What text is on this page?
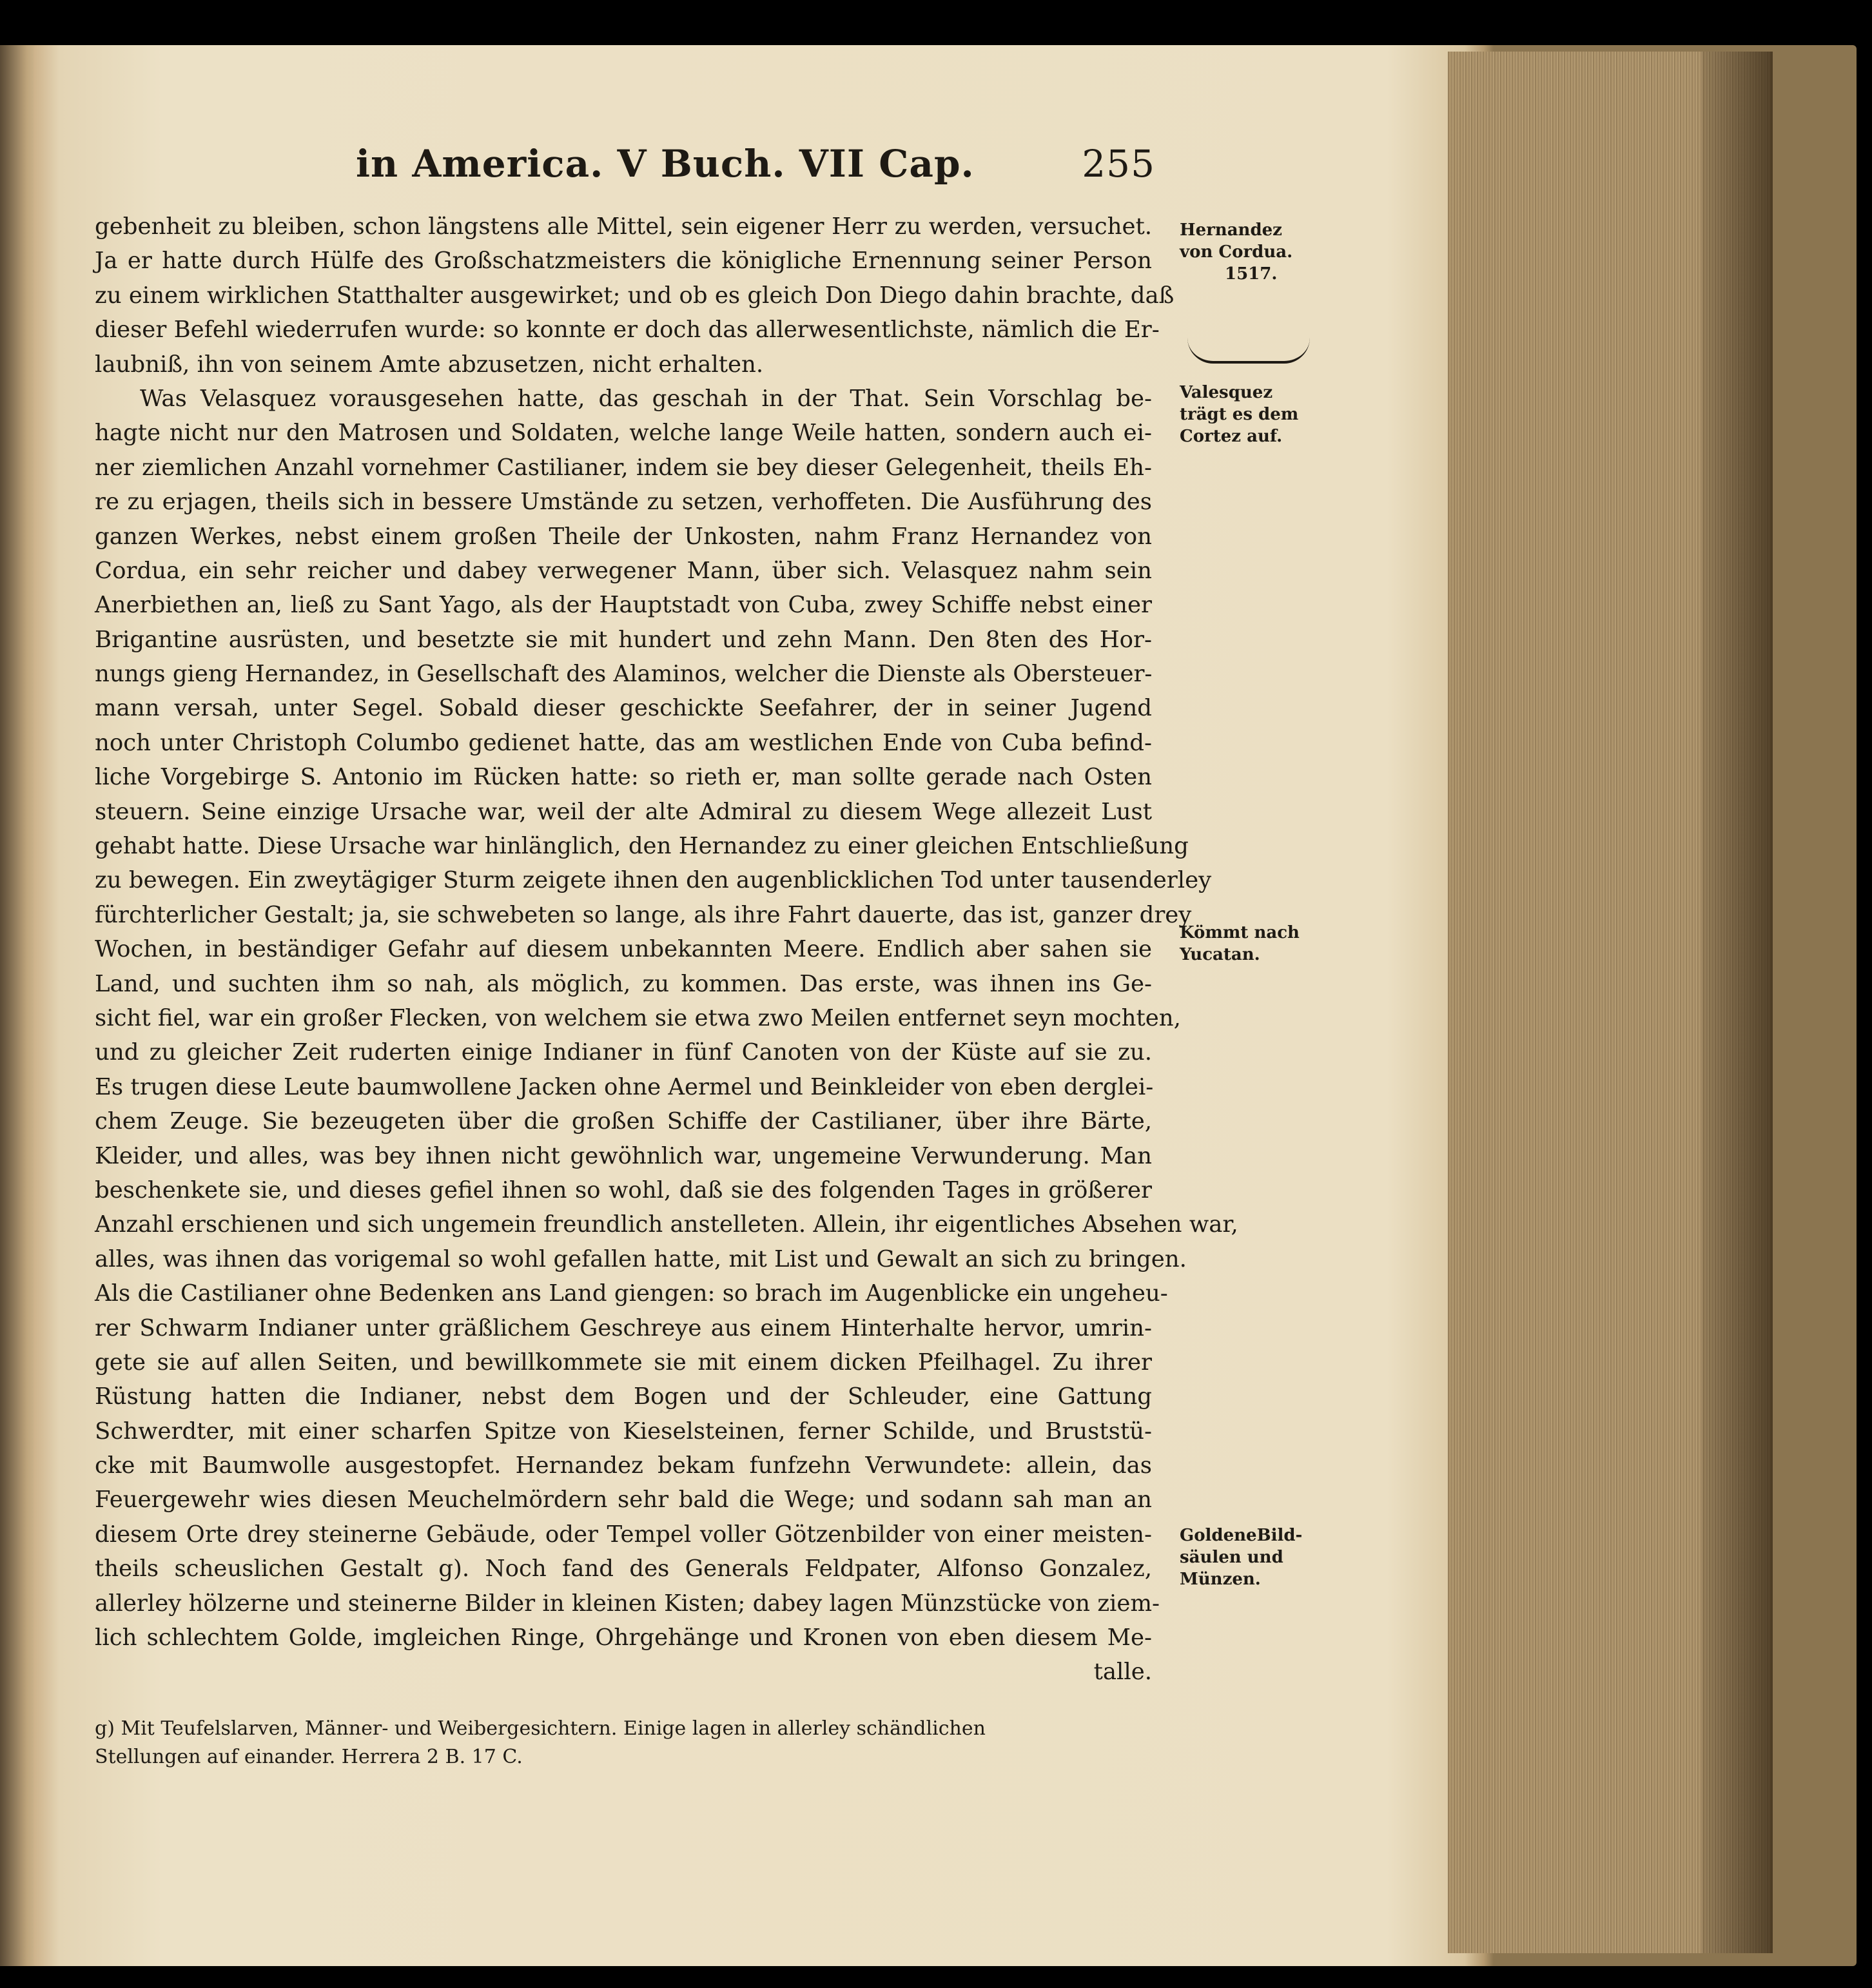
in America. V Buch. VII Cap.	255
gebenheit zu bleiben, schon längstens alle Mittel, sein eigener Herr zu werden, versuchet.
Ja er hatte durch Hülfe des Großschatzmeisters die königliche Ernennung seiner Person
zu einem wirklichen Statthalter ausgewirket; und ob es gleich Don Diego dahin brachte, daß
dieser Befehl wiederrufen wurde: so konnte er doch das allerwesentlichste, nämlich die Er-
laubniß, ihn von seinem Amte abzusetzen, nicht erhalten.
Was Velasquez vorausgesehen hatte, das geschah in der That. Sein Vorschlag be-
hagte nicht nur den Matrosen und Soldaten, welche lange Weile hatten, sondern auch ei-
ner ziemlichen Anzahl vornehmer Castilianer, indem sie bey dieser Gelegenheit, theils Eh-
re zu erjagen, theils sich in bessere Umstände zu setzen, verhoffeten. Die Ausführung des
ganzen Werkes, nebst einem großen Theile der Unkosten, nahm Franz Hernandez von
Cordua, ein sehr reicher und dabey verwegener Mann, über sich. Velasquez nahm sein
Anerbiethen an, ließ zu Sant Yago, als der Hauptstadt von Cuba, zwey Schiffe nebst einer
Brigantine ausrüsten, und besetzte sie mit hundert und zehn Mann. Den 8ten des Hor-
nungs gieng Hernandez, in Gesellschaft des Alaminos, welcher die Dienste als Obersteuer-
mann versah, unter Segel. Sobald dieser geschickte Seefahrer, der in seiner Jugend
noch unter Christoph Columbo gedienet hatte, das am westlichen Ende von Cuba befind-
liche Vorgebirge S. Antonio im Rücken hatte: so rieth er, man sollte gerade nach Osten
steuern. Seine einzige Ursache war, weil der alte Admiral zu diesem Wege allezeit Lust
gehabt hatte. Diese Ursache war hinlänglich, den Hernandez zu einer gleichen Entschließung
zu bewegen. Ein zweytägiger Sturm zeigete ihnen den augenblicklichen Tod unter tausenderley
fürchterlicher Gestalt; ja, sie schwebeten so lange, als ihre Fahrt dauerte, das ist, ganzer drey
Wochen, in beständiger Gefahr auf diesem unbekannten Meere. Endlich aber sahen sie
Land, und suchten ihm so nah, als möglich, zu kommen. Das erste, was ihnen ins Ge-
sicht fiel, war ein großer Flecken, von welchem sie etwa zwo Meilen entfernet seyn mochten,
und zu gleicher Zeit ruderten einige Indianer in fünf Canoten von der Küste auf sie zu.
Es trugen diese Leute baumwollene Jacken ohne Aermel und Beinkleider von eben derglei-
chem Zeuge. Sie bezeugeten über die großen Schiffe der Castilianer, über ihre Bärte,
Kleider, und alles, was bey ihnen nicht gewöhnlich war, ungemeine Verwunderung. Man
beschenkete sie, und dieses gefiel ihnen so wohl, daß sie des folgenden Tages in größerer
Anzahl erschienen und sich ungemein freundlich anstelleten. Allein, ihr eigentliches Absehen war,
alles, was ihnen das vorigemal so wohl gefallen hatte, mit List und Gewalt an sich zu bringen.
Als die Castilianer ohne Bedenken ans Land giengen: so brach im Augenblicke ein ungeheu-
rer Schwarm Indianer unter gräßlichem Geschreye aus einem Hinterhalte hervor, umrin-
gete sie auf allen Seiten, und bewillkommete sie mit einem dicken Pfeilhagel. Zu ihrer
Rüstung hatten die Indianer, nebst dem Bogen und der Schleuder, eine Gattung
Schwerdter, mit einer scharfen Spitze von Kieselsteinen, ferner Schilde, und Bruststü-
cke mit Baumwolle ausgestopfet. Hernandez bekam funfzehn Verwundete: allein, das
Feuergewehr wies diesen Meuchelmördern sehr bald die Wege; und sodann sah man an
diesem Orte drey steinerne Gebäude, oder Tempel voller Götzenbilder von einer meisten-
theils scheuslichen Gestalt g). Noch fand des Generals Feldpater, Alfonso Gonzalez,
allerley hölzerne und steinerne Bilder in kleinen Kisten; dabey lagen Münzstücke von ziem-
lich schlechtem Golde, imgleichen Ringe, Ohrgehänge und Kronen von eben diesem Me-
talle.
Hernandez
von Cordua.
1517.
Valesquez
trägt es dem
Cortez auf.
Kömmt nach
Yucatan.
GoldeneBild-
säulen und
Münzen.
g) Mit Teufelslarven, Männer- und Weibergesichtern. Einige lagen in allerley schändlichen
Stellungen auf einander. Herrera 2 B. 17 C.
